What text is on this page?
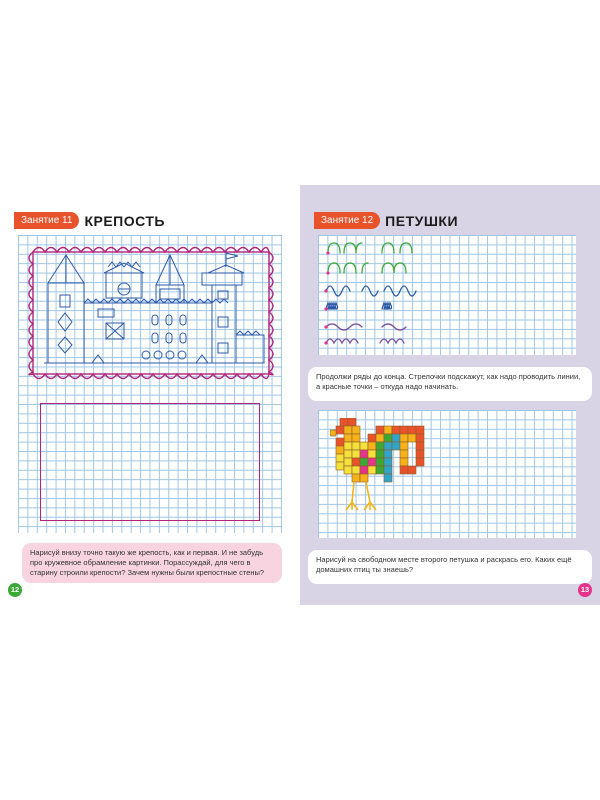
Занятие 11 КРЕПОСТЬ
Нарисуй внизу точно такую же крепость, как и первая. И не забудь про кружевное обрамление картинки. Порассуждай, для чего в старину строили крепости? Зачем нужны были крепостные стены?
12
Занятие 12 ПЕТУШКИ
Продолжи ряды до конца. Стрелочки подскажут, как надо проводить линии, а красные точки – откуда надо начинать.
Нарисуй на свободном месте второго петушка и раскрась его. Каких ещё домашних птиц ты знаешь?
13
